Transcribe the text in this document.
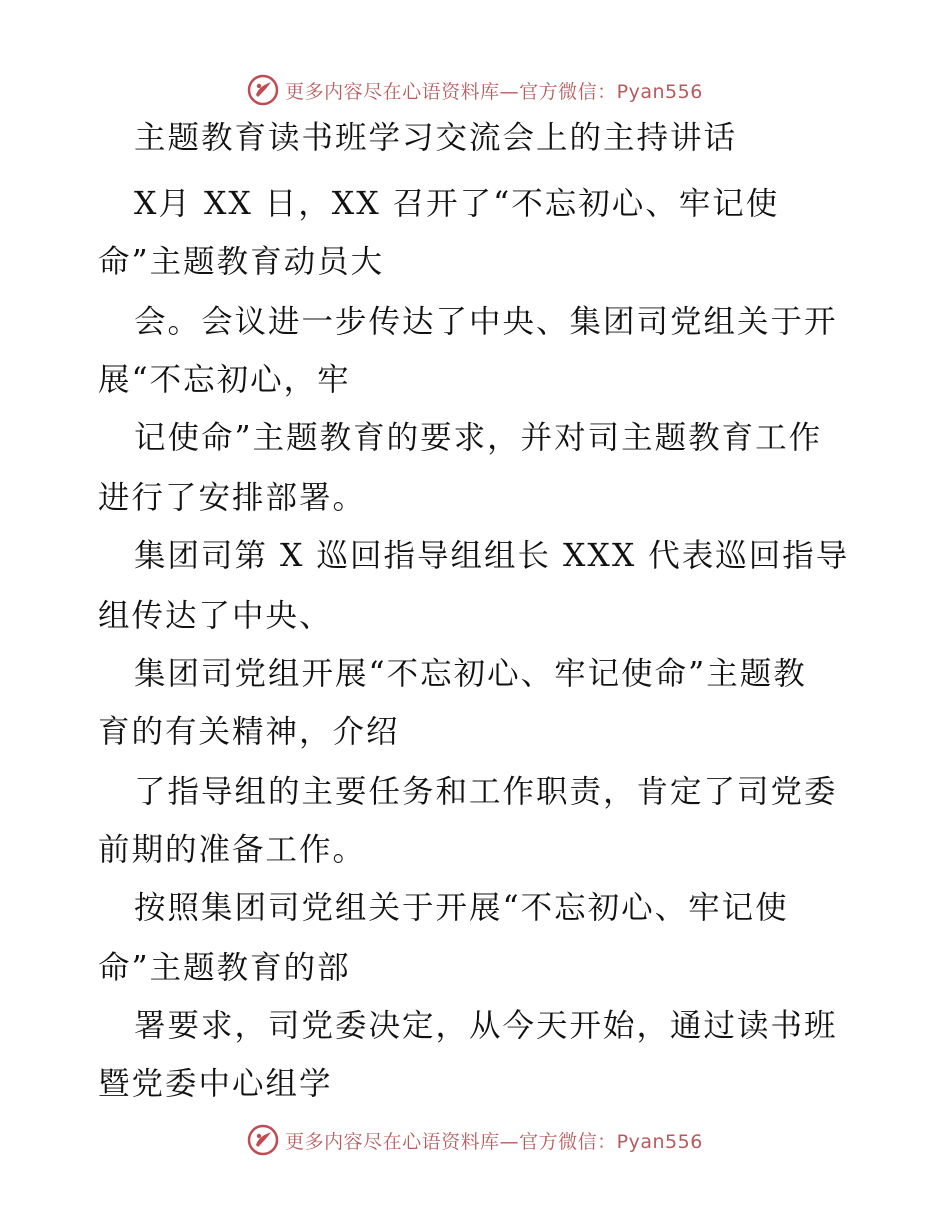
更多内容尽在心语资料库—官方微信：Pyan556
主题教育读书班学习交流会上的主持讲话
X月 XX 日，XX 召开了“不忘初心、牢记使
命”主题教育动员大
会。会议进一步传达了中央、集团司党组关于开
展“不忘初心，牢
记使命”主题教育的要求，并对司主题教育工作
进行了安排部署。
集团司第 X 巡回指导组组长 XXX 代表巡回指导
组传达了中央、
集团司党组开展“不忘初心、牢记使命”主题教
育的有关精神，介绍
了指导组的主要任务和工作职责，肯定了司党委
前期的准备工作。
按照集团司党组关于开展“不忘初心、牢记使
命”主题教育的部
署要求，司党委决定，从今天开始，通过读书班
暨党委中心组学
更多内容尽在心语资料库—官方微信：Pyan556
